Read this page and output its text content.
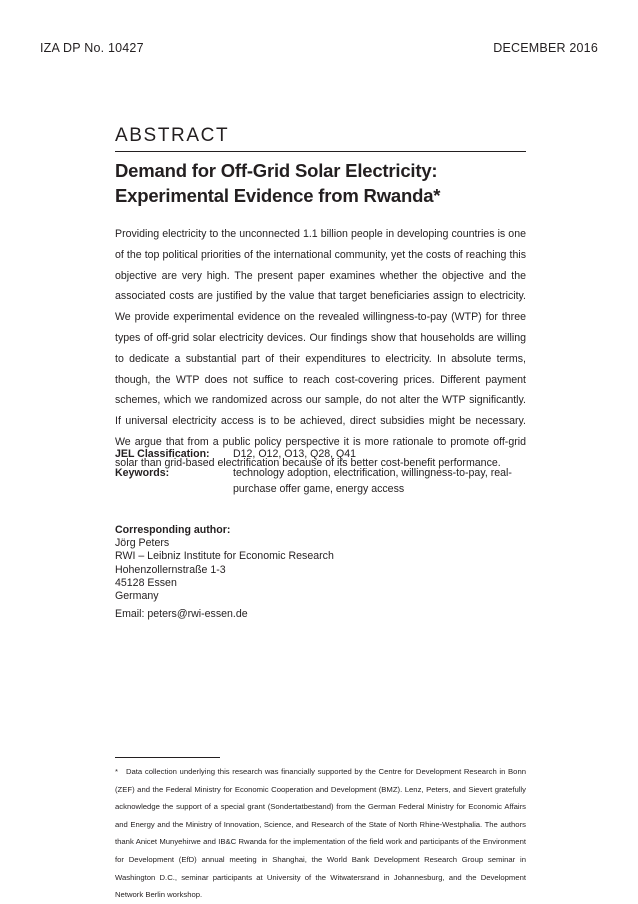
IZA DP No. 10427	DECEMBER 2016
ABSTRACT
Demand for Off-Grid Solar Electricity:
Experimental Evidence from Rwanda*
Providing electricity to the unconnected 1.1 billion people in developing countries is one of the top political priorities of the international community, yet the costs of reaching this objective are very high. The present paper examines whether the objective and the associated costs are justified by the value that target beneficiaries assign to electricity. We provide experimental evidence on the revealed willingness-to-pay (WTP) for three types of off-grid solar electricity devices. Our findings show that households are willing to dedicate a substantial part of their expenditures to electricity. In absolute terms, though, the WTP does not suffice to reach cost-covering prices. Different payment schemes, which we randomized across our sample, do not alter the WTP significantly. If universal electricity access is to be achieved, direct subsidies might be necessary. We argue that from a public policy perspective it is more rationale to promote off-grid solar than grid-based electrification because of its better cost-benefit performance.
JEL Classification: D12, O12, O13, Q28, Q41
Keywords:	technology adoption, electrification, willingness-to-pay, real-purchase offer game, energy access
Corresponding author:
Jörg Peters
RWI – Leibniz Institute for Economic Research
Hohenzollernstraße 1-3
45128 Essen
Germany
Email: peters@rwi-essen.de
*   Data collection underlying this research was financially supported by the Centre for Development Research in Bonn (ZEF) and the Federal Ministry for Economic Cooperation and Development (BMZ). Lenz, Peters, and Sievert gratefully acknowledge the support of a special grant (Sondertatbestand) from the German Federal Ministry for Economic Affairs and Energy and the Ministry of Innovation, Science, and Research of the State of North Rhine-Westphalia. The authors thank Anicet Munyehirwe and IB&C Rwanda for the implementation of the field work and participants of the Environment for Development (EfD) annual meeting in Shanghai, the World Bank Development Research Group seminar in Washington D.C., seminar participants at University of the Witwatersrand in Johannesburg, and the Development Network Berlin workshop.
